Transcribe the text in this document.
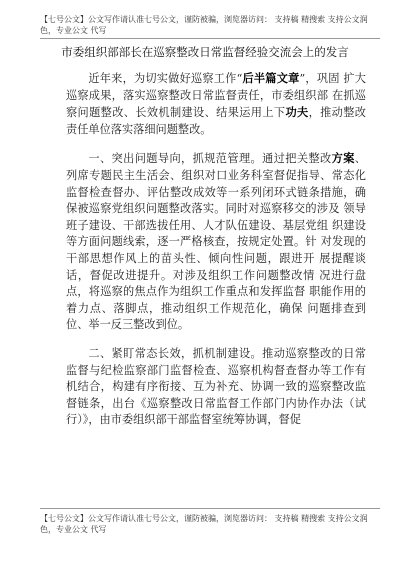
【七号公文】公文写作请认准七号公文，谨防被骗，浏览器访问： 支持稿 精搜索 支持公文润色，专业公文 代写
市委组织部部长在巡察整改日常监督经验交流会上的发言

近年来，为切实做好巡察工作“后半篇文章”，巩固 扩大巡察成果，落实巡察整改日常监督责任，市委组织部 在抓巡察问题整改、长效机制建设、结果运用上下功夫，推动整改责任单位落实落细问题整改。

一、突出问题导向，抓规范管理。通过把关整改方案、列席专题民主生活会、组织对口业务科室督促指导、常态化监督检查督办、评估整改成效等一系列闭环式链条措施，确保被巡察党组织问题整改落实。同时对巡察移交的涉及 领导班子建设、干部选拔任用、人才队伍建设、基层党组 织建设等方面问题线索，逐一严格核查，按规定处置。针 对发现的干部思想作风上的苗头性、倾向性问题，跟进开 展提醒谈话，督促改进提升。对涉及组织工作问题整改情 况进行盘点，将巡察的焦点作为组织工作重点和发挥监督 职能作用的着力点、落脚点，推动组织工作规范化，确保 问题排查到位、举一反三整改到位。

二、紧盯常态长效，抓机制建设。推动巡察整改的日常监督与纪检监察部门监督检查、巡察机构督查督办等工作有机结合，构建有序衔接、互为补充、协调一致的巡察整改监督链条，出台《巡察整改日常监督工作部门内协作办法（试行）》，由市委组织部干部监督室统筹协调，督促

【七号公文】公文写作请认准七号公文，谨防被骗，浏览器访问： 支持稿 精搜索 支持公文润色，专业公文 代写
